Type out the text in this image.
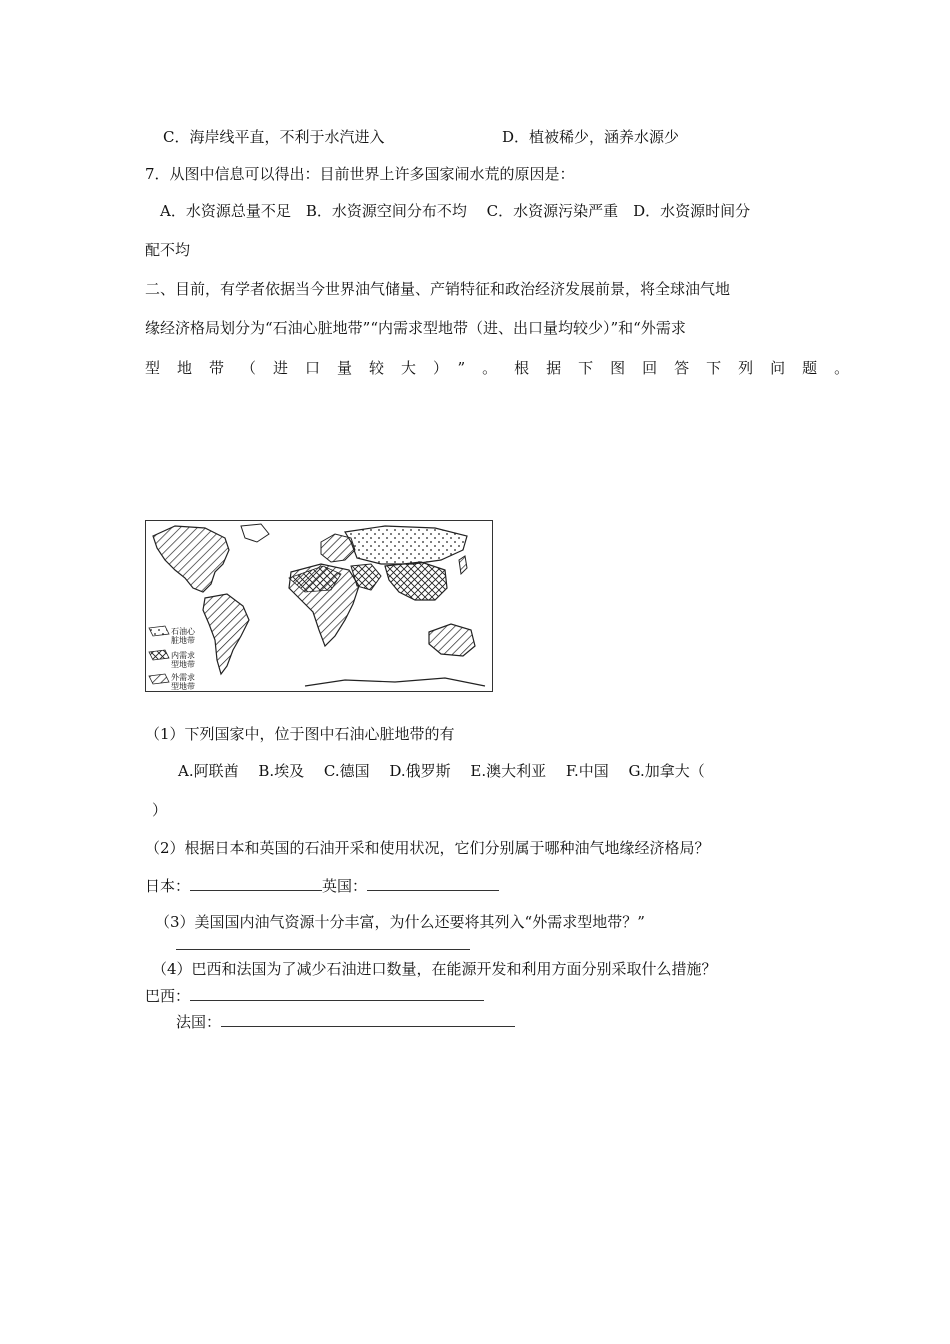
C．海岸线平直，不利于水汽进入	D．植被稀少，涵养水源少
7．从图中信息可以得出：目前世界上许多国家闹水荒的原因是：
A．水资源总量不足　B．水资源空间分布不均　 C．水资源污染严重　D．水资源时间分
配不均
二、目前，有学者依据当今世界油气储量、产销特征和政治经济发展前景，将全球油气地
缘经济格局划分为“石油心脏地带”“内需求型地带（进、出口量均较少）”和“外需求
型地带（进口量较大）”。根据下图回答下列问题。
石油心
脏地带
内需求
型地带
外需求
型地带
（1）下列国家中，位于图中石油心脏地带的有
A.阿联酋　 B.埃及　 C.德国　 D.俄罗斯　 E.澳大利亚　 F.中国　 G.加拿大（
）
（2）根据日本和英国的石油开采和使用状况，它们分别属于哪种油气地缘经济格局？
日本：	英国：
（3）美国国内油气资源十分丰富，为什么还要将其列入“外需求型地带？”
（4）巴西和法国为了减少石油进口数量，在能源开发和利用方面分别采取什么措施？
巴西：
法国：
